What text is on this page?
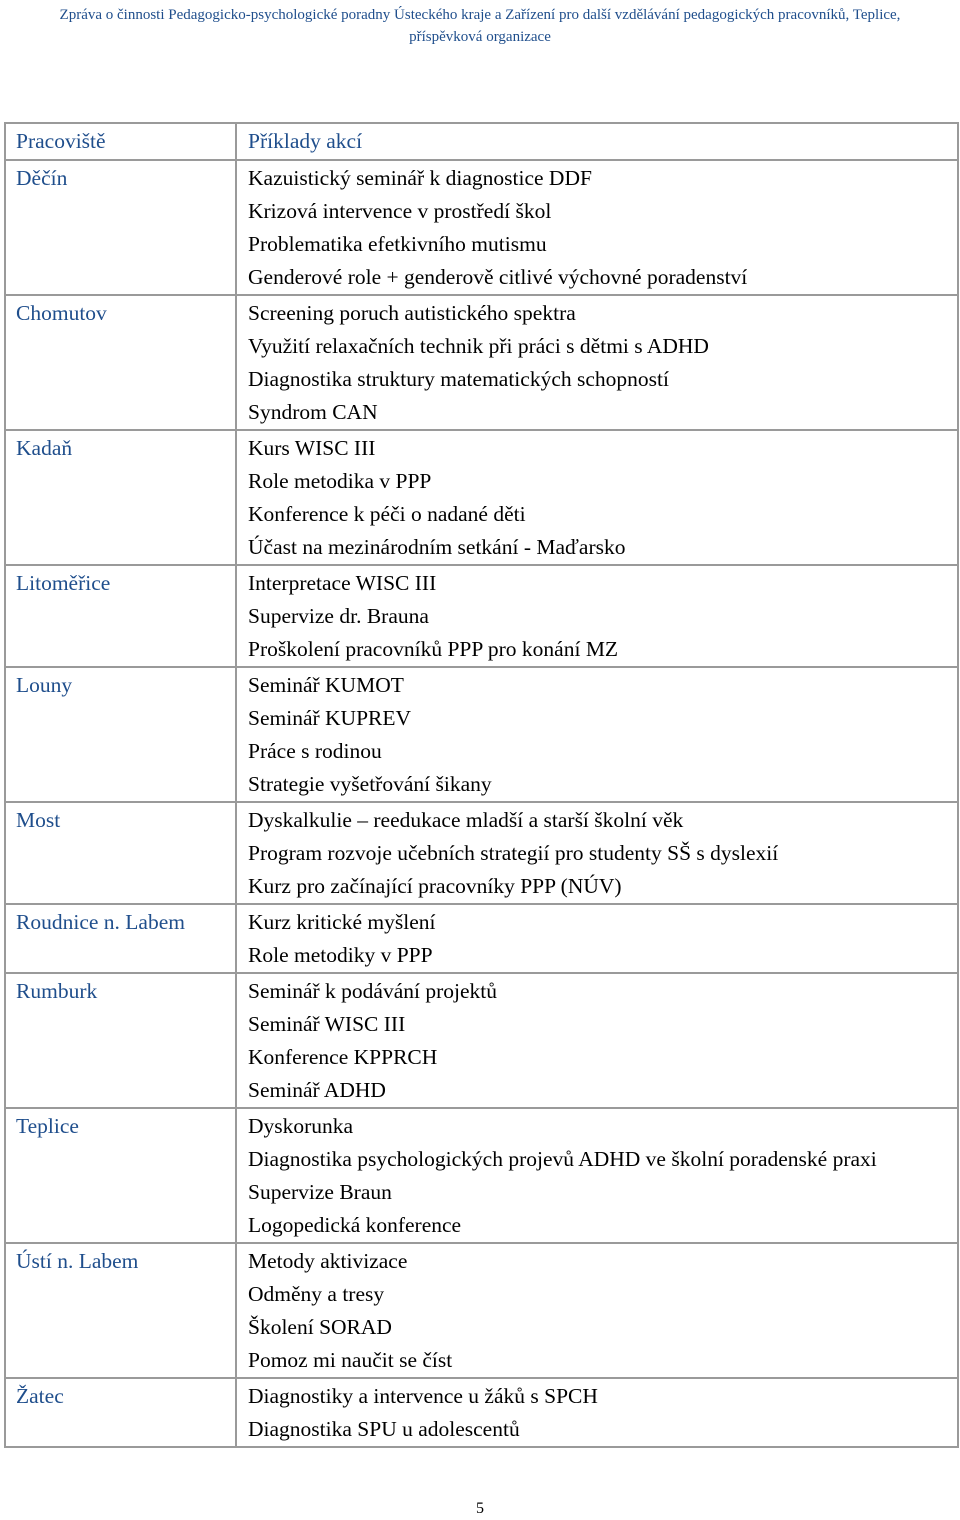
Zpráva o činnosti Pedagogicko-psychologické poradny Ústeckého kraje a Zařízení pro další vzdělávání pedagogických pracovníků, Teplice,
příspěvková organizace
Pracoviště	Příklady akcí
Děčín	Kazuistický seminář k diagnostice DDF
Krizová intervence v prostředí škol
Problematika efetkivního mutismu
Genderové role + genderově citlivé výchovné poradenství

Chomutov	Screening poruch autistického spektra
Využití relaxačních technik při práci s dětmi s ADHD
Diagnostika struktury matematických schopností
Syndrom CAN

Kadaň	Kurs WISC III
Role metodika v PPP
Konference k péči o nadané děti
Účast na mezinárodním setkání - Maďarsko

Litoměřice	Interpretace WISC III
Supervize dr. Brauna
Proškolení pracovníků PPP pro konání MZ

Louny	Seminář KUMOT
Seminář KUPREV
Práce s rodinou
Strategie vyšetřování šikany

Most	Dyskalkulie – reedukace mladší a starší školní věk
Program rozvoje učebních strategií pro studenty SŠ s dyslexií
Kurz pro začínající pracovníky PPP (NÚV)

Roudnice n. Labem	Kurz kritické myšlení
Role metodiky v PPP

Rumburk	Seminář k podávání projektů
Seminář WISC III
Konference KPPRCH
Seminář ADHD

Teplice	Dyskorunka
Diagnostika psychologických projevů ADHD ve školní poradenské praxi
Supervize Braun
Logopedická konference

Ústí n. Labem	Metody aktivizace
Odměny a tresy
Školení SORAD
Pomoz mi naučit se číst

Žatec	Diagnostiky a intervence u žáků s SPCH
Diagnostika SPU u adolescentů
5
